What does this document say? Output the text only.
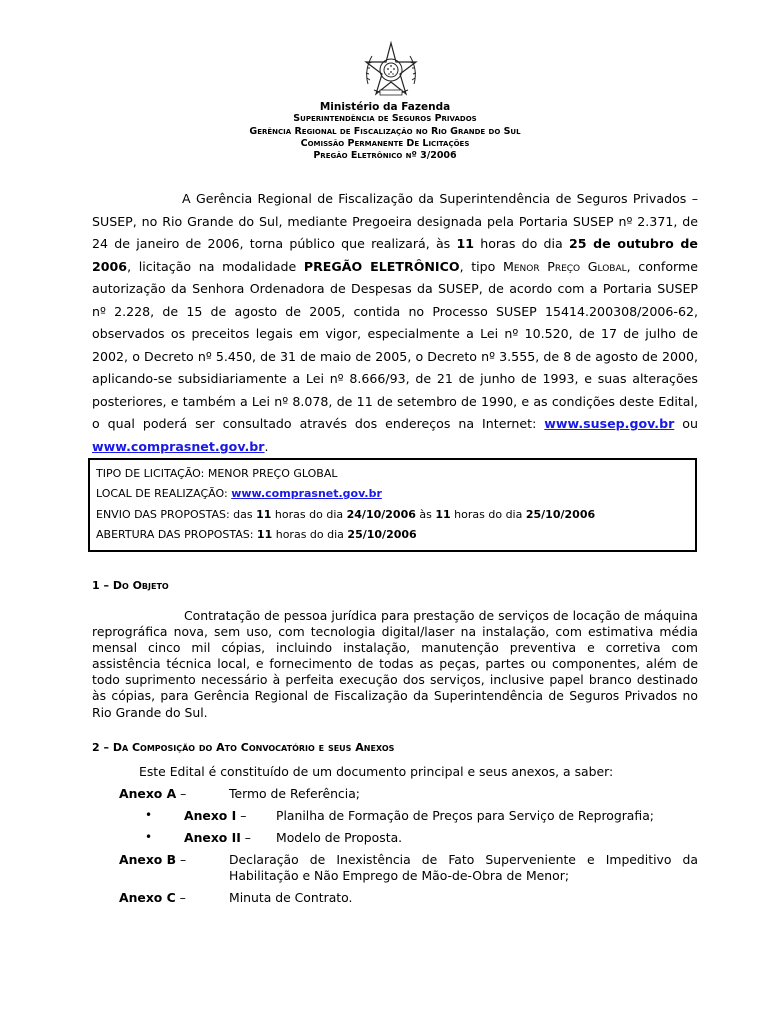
Ministério da Fazenda
Superintendência de Seguros Privados
Gerência Regional de Fiscalização no Rio Grande do Sul
Comissão Permanente De Licitações
Pregão Eletrônico nº 3/2006

A Gerência Regional de Fiscalização da Superintendência de Seguros Privados – SUSEP, no Rio Grande do Sul, mediante Pregoeira designada pela Portaria SUSEP nº 2.371, de 24 de janeiro de 2006, torna público que realizará, às 11 horas do dia 25 de outubro de 2006, licitação na modalidade PREGÃO ELETRÔNICO, tipo Menor Preço Global, conforme autorização da Senhora Ordenadora de Despesas da SUSEP, de acordo com a Portaria SUSEP nº 2.228, de 15 de agosto de 2005, contida no Processo SUSEP 15414.200308/2006-62, observados os preceitos legais em vigor, especialmente a Lei nº 10.520, de 17 de julho de 2002, o Decreto nº 5.450, de 31 de maio de 2005, o Decreto nº 3.555, de 8 de agosto de 2000, aplicando-se subsidiariamente a Lei nº 8.666/93, de 21 de junho de 1993, e suas alterações posteriores, e também a Lei nº 8.078, de 11 de setembro de 1990, e as condições deste Edital, o qual poderá ser consultado através dos endereços na Internet: www.susep.gov.br ou www.comprasnet.gov.br.

TIPO DE LICITAÇÃO: MENOR PREÇO GLOBAL
LOCAL DE REALIZAÇÃO: www.comprasnet.gov.br
ENVIO DAS PROPOSTAS: das 11 horas do dia 24/10/2006 às 11 horas do dia 25/10/2006
ABERTURA DAS PROPOSTAS: 11 horas do dia 25/10/2006
1 – Do Objeto

Contratação de pessoa jurídica para prestação de serviços de locação de máquina reprográfica nova, sem uso, com tecnologia digital/laser na instalação, com estimativa média mensal cinco mil cópias, incluindo instalação, manutenção preventiva e corretiva com assistência técnica local, e fornecimento de todas as peças, partes ou componentes, além de todo suprimento necessário à perfeita execução dos serviços, inclusive papel branco destinado às cópias, para Gerência Regional de Fiscalização da Superintendência de Seguros Privados no Rio Grande do Sul.

2 – Da Composição do Ato Convocatório e seus Anexos
Este Edital é constituído de um documento principal e seus anexos, a saber:
Anexo A –	Termo de Referência;
•	Anexo I – Planilha de Formação de Preços para Serviço de Reprografia;
•	Anexo II – Modelo de Proposta.
Anexo B –	Declaração de Inexistência de Fato Superveniente e Impeditivo da Habilitação e Não Emprego de Mão-de-Obra de Menor;
Anexo C –	Minuta de Contrato.
